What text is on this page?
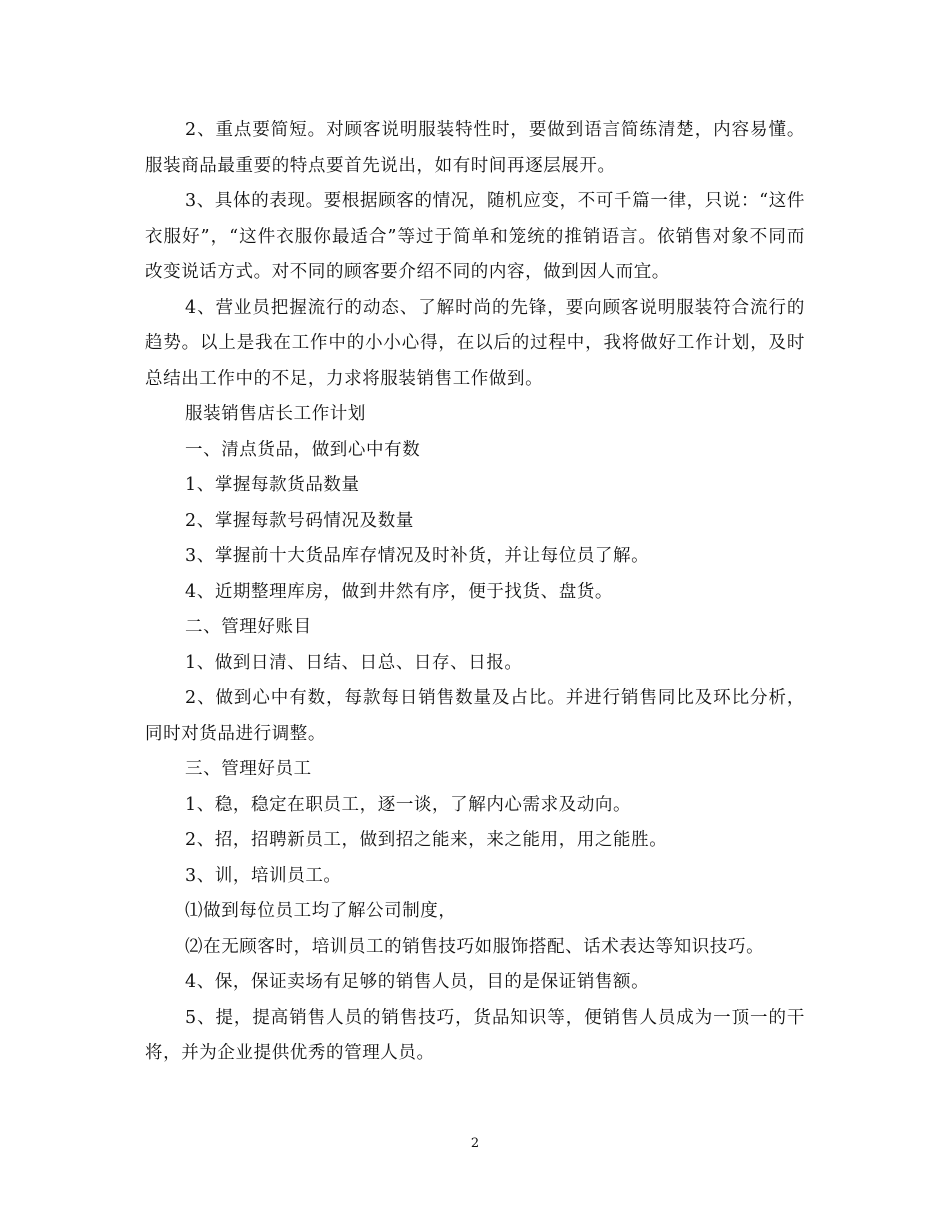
2、重点要简短。对顾客说明服装特性时，要做到语言简练清楚，内容易懂。服装商品最重要的特点要首先说出，如有时间再逐层展开。

3、具体的表现。要根据顾客的情况，随机应变，不可千篇一律，只说：“这件衣服好”，“这件衣服你最适合”等过于简单和笼统的推销语言。依销售对象不同而改变说话方式。对不同的顾客要介绍不同的内容，做到因人而宜。

4、营业员把握流行的动态、了解时尚的先锋，要向顾客说明服装符合流行的趋势。以上是我在工作中的小小心得，在以后的过程中，我将做好工作计划，及时总结出工作中的不足，力求将服装销售工作做到。

服装销售店长工作计划

一、清点货品，做到心中有数

1、掌握每款货品数量

2、掌握每款号码情况及数量

3、掌握前十大货品库存情况及时补货，并让每位员了解。

4、近期整理库房，做到井然有序，便于找货、盘货。

二、管理好账目

1、做到日清、日结、日总、日存、日报。

2、做到心中有数，每款每日销售数量及占比。并进行销售同比及环比分析，同时对货品进行调整。

三、管理好员工

1、稳，稳定在职员工，逐一谈，了解内心需求及动向。

2、招，招聘新员工，做到招之能来，来之能用，用之能胜。

3、训，培训员工。

⑴做到每位员工均了解公司制度，

⑵在无顾客时，培训员工的销售技巧如服饰搭配、话术表达等知识技巧。

4、保，保证卖场有足够的销售人员，目的是保证销售额。

5、提，提高销售人员的销售技巧，货品知识等，便销售人员成为一顶一的干将，并为企业提供优秀的管理人员。

2
